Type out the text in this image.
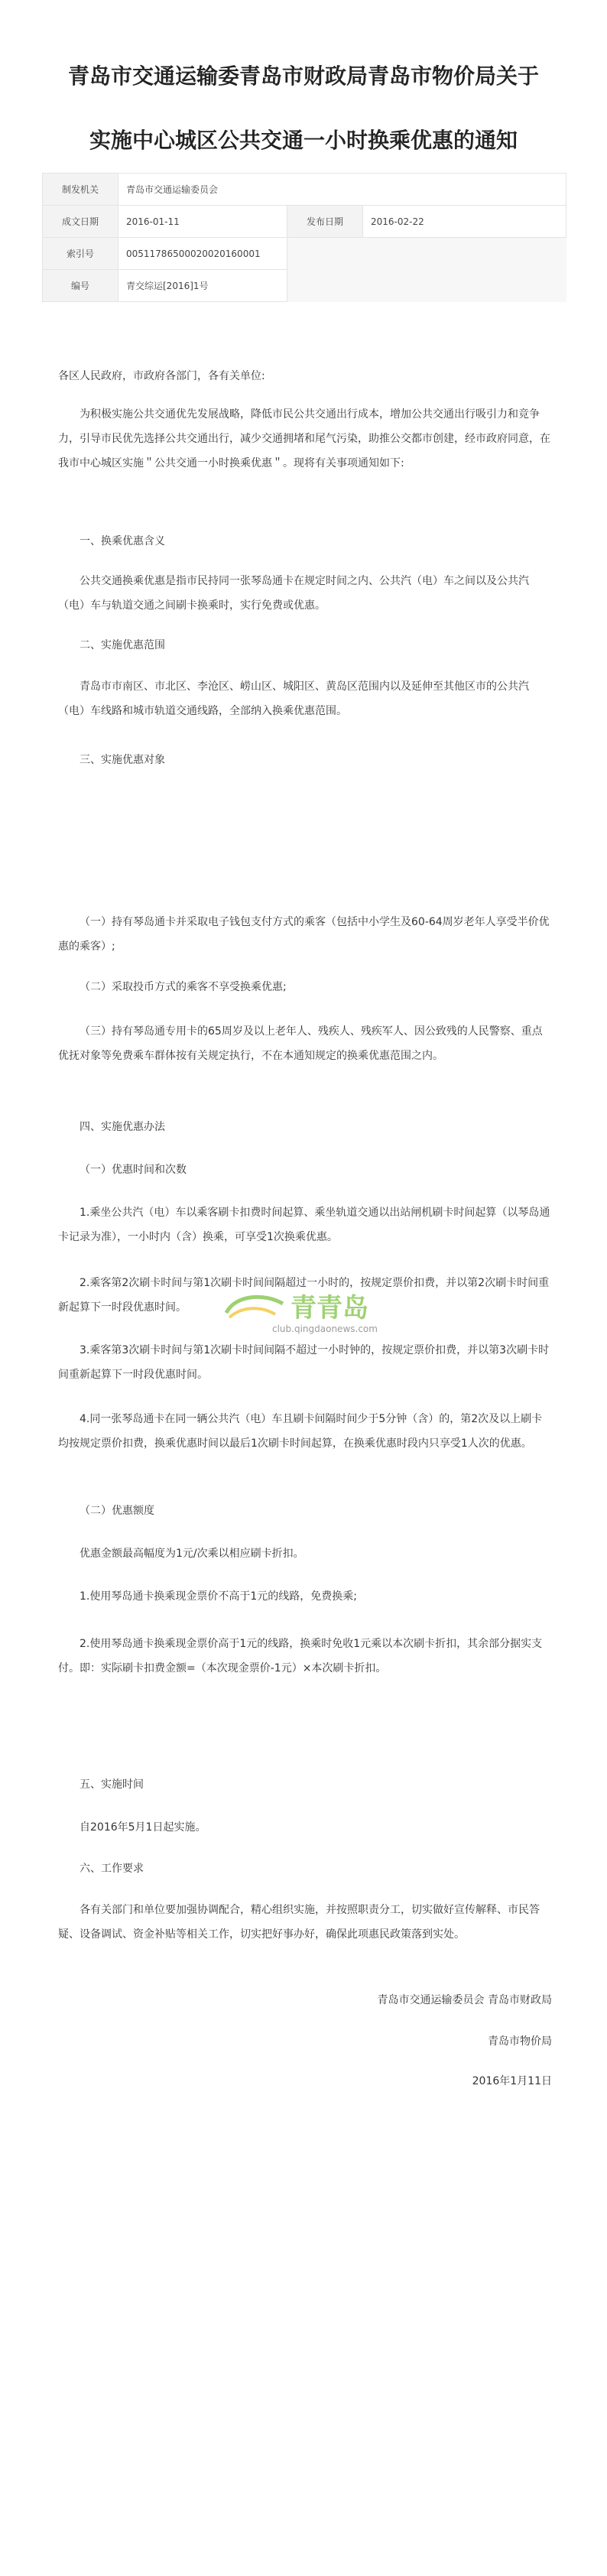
青岛市交通运输委青岛市财政局青岛市物价局关于
实施中心城区公共交通一小时换乘优惠的通知
制发机关	青岛市交通运输委员会		
成文日期	2016-01-11	发布日期	2016-02-22
索引号	00511786500020020160001		
编号	青交综运[2016]1号		

各区人民政府，市政府各部门，各有关单位:

为积极实施公共交通优先发展战略，降低市民公共交通出行成本，增加公共交通出行吸引力和竞争力，引导市民优先选择公共交通出行，减少交通拥堵和尾气污染，助推公交都市创建，经市政府同意，在我市中心城区实施＂公共交通一小时换乘优惠＂。现将有关事项通知如下:

一、换乘优惠含义

公共交通换乘优惠是指市民持同一张琴岛通卡在规定时间之内、公共汽（电）车之间以及公共汽（电）车与轨道交通之间刷卡换乘时，实行免费或优惠。

二、实施优惠范围

青岛市市南区、市北区、李沧区、崂山区、城阳区、黄岛区范围内以及延伸至其他区市的公共汽（电）车线路和城市轨道交通线路，全部纳入换乘优惠范围。

三、实施优惠对象

（一）持有琴岛通卡并采取电子钱包支付方式的乘客（包括中小学生及60-64周岁老年人享受半价优惠的乘客）;

（二）采取投币方式的乘客不享受换乘优惠;

（三）持有琴岛通专用卡的65周岁及以上老年人、残疾人、残疾军人、因公致残的人民警察、重点优抚对象等免费乘车群体按有关规定执行，不在本通知规定的换乘优惠范围之内。

四、实施优惠办法

（一）优惠时间和次数

1.乘坐公共汽（电）车以乘客刷卡扣费时间起算、乘坐轨道交通以出站闸机刷卡时间起算（以琴岛通卡记录为准），一小时内（含）换乘，可享受1次换乘优惠。

2.乘客第2次刷卡时间与第1次刷卡时间间隔超过一小时的，按规定票价扣费，并以第2次刷卡时间重新起算下一时段优惠时间。

3.乘客第3次刷卡时间与第1次刷卡时间间隔不超过一小时钟的，按规定票价扣费，并以第3次刷卡时间重新起算下一时段优惠时间。

4.同一张琴岛通卡在同一辆公共汽（电）车且刷卡间隔时间少于5分钟（含）的，第2次及以上刷卡均按规定票价扣费，换乘优惠时间以最后1次刷卡时间起算，在换乘优惠时段内只享受1人次的优惠。

（二）优惠额度

优惠金额最高幅度为1元/次乘以相应刷卡折扣。

1.使用琴岛通卡换乘现金票价不高于1元的线路，免费换乘;

2.使用琴岛通卡换乘现金票价高于1元的线路，换乘时免收1元乘以本次刷卡折扣，其余部分据实支付。即：实际刷卡扣费金额=（本次现金票价-1元）×本次刷卡折扣。

五、实施时间

自2016年5月1日起实施。

六、工作要求

各有关部门和单位要加强协调配合，精心组织实施，并按照职责分工，切实做好宣传解释、市民答疑、设备调试、资金补贴等相关工作，切实把好事办好，确保此项惠民政策落到实处。

青岛市交通运输委员会 青岛市财政局
青岛市物价局
2016年1月11日
青青岛
club.qingdaonews.com
